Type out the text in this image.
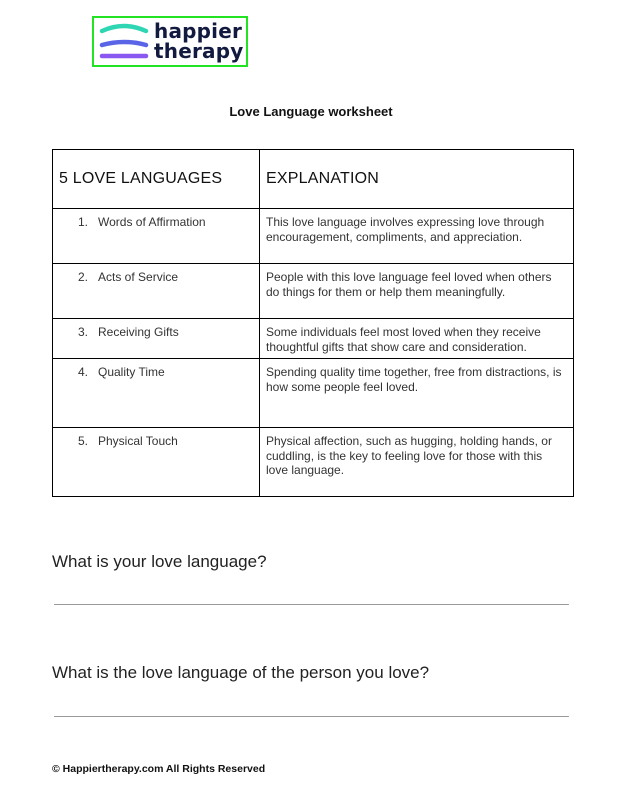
happier
therapy
Love Language worksheet
5 LOVE LANGUAGES	EXPLANATION

1. Words of Affirmation	This love language involves expressing love through encouragement, compliments, and appreciation.

2. Acts of Service	People with this love language feel loved when others do things for them or help them meaningfully.

3. Receiving Gifts	Some individuals feel most loved when they receive thoughtful gifts that show care and consideration.

4. Quality Time	Spending quality time together, free from distractions, is how some people feel loved.

5. Physical Touch	Physical affection, such as hugging, holding hands, or cuddling, is the key to feeling love for those with this love language.
What is your love language?
What is the love language of the person you love?
© Happiertherapy.com All Rights Reserved
